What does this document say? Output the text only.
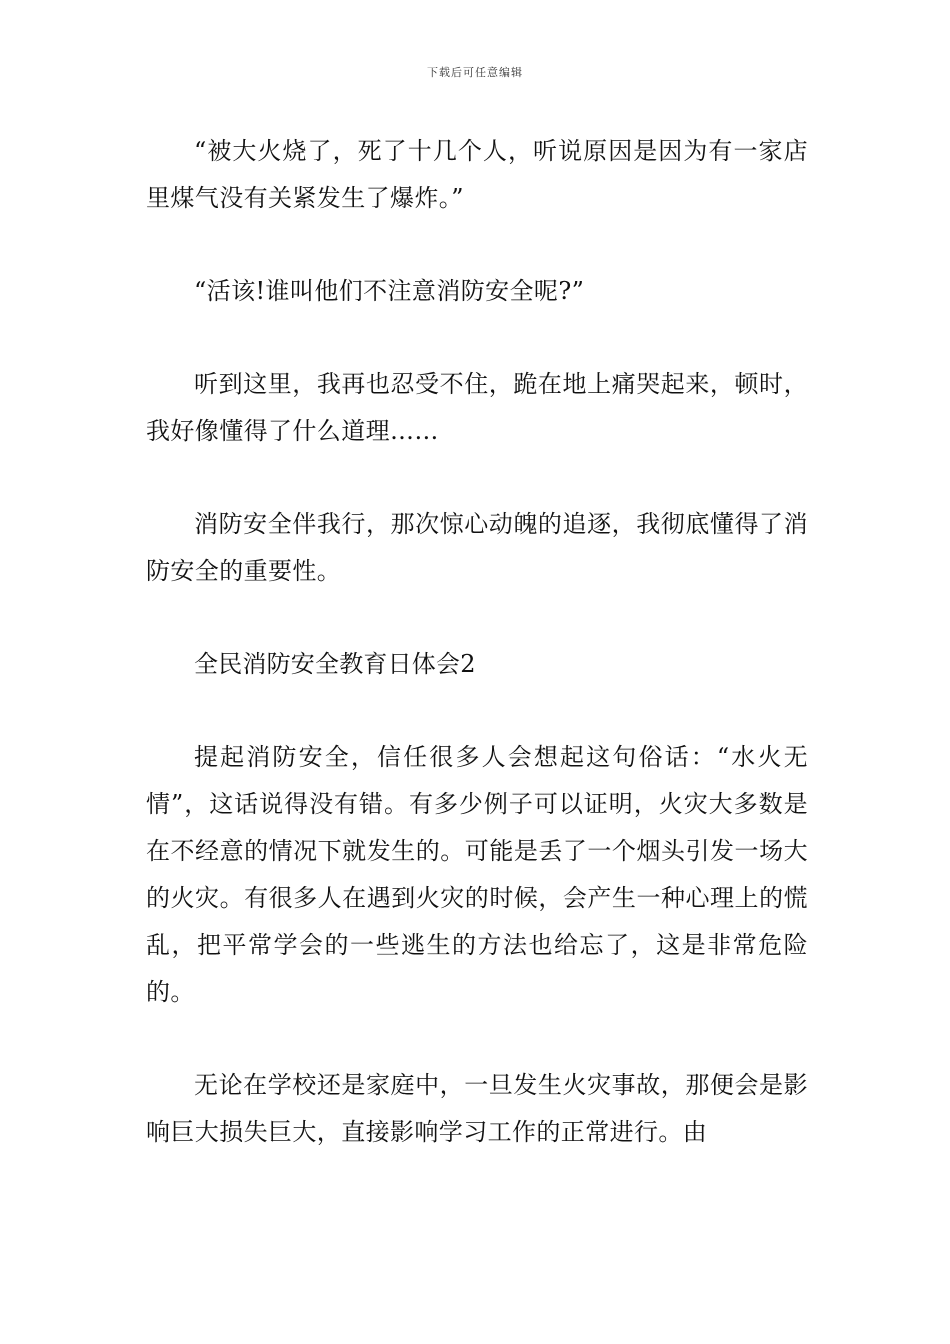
下载后可任意编辑

“被大火烧了，死了十几个人，听说原因是因为有一家店里煤气没有关紧发生了爆炸。”

“活该!谁叫他们不注意消防安全呢?”

听到这里，我再也忍受不住，跪在地上痛哭起来，顿时，我好像懂得了什么道理……

消防安全伴我行，那次惊心动魄的追逐，我彻底懂得了消防安全的重要性。

全民消防安全教育日体会2

提起消防安全，信任很多人会想起这句俗话：“水火无情”，这话说得没有错。有多少例子可以证明，火灾大多数是在不经意的情况下就发生的。可能是丢了一个烟头引发一场大的火灾。有很多人在遇到火灾的时候，会产生一种心理上的慌乱，把平常学会的一些逃生的方法也给忘了，这是非常危险的。

无论在学校还是家庭中，一旦发生火灾事故，那便会是影响巨大损失巨大，直接影响学习工作的正常进行。由
